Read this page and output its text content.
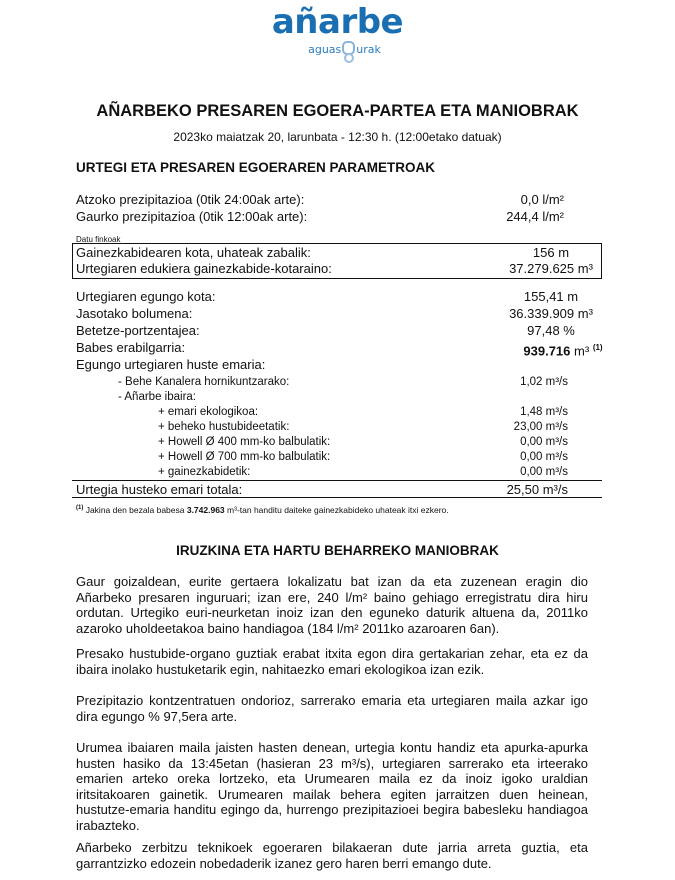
añarbe
aguas urak
AÑARBEKO PRESAREN EGOERA-PARTEA ETA MANIOBRAK
2023ko maiatzak 20, larunbata - 12:30 h. (12:00etako datuak)
URTEGI ETA PRESAREN EGOERAREN PARAMETROAK
Atzoko prezipitazioa (0tik 24:00ak arte):	0,0 l/m²
Gaurko prezipitazioa (0tik 12:00ak arte):	244,4 l/m²
Datu finkoak
Gainezkabidearen kota, uhateak zabalik:	156 m
Urtegiaren edukiera gainezkabide-kotaraino:	37.279.625 m³
Urtegiaren egungo kota:	155,41 m
Jasotako bolumena:	36.339.909 m³
Betetze-portzentajea:	97,48 %
Babes erabilgarria:	939.716 m³ $^{(1)}$
Egungo urtegiaren huste emaria:
- Behe Kanalera hornikuntzarako:	1,02 m³/s
- Añarbe ibaira:
+ emari ekologikoa:	1,48 m³/s
+ beheko hustubideetatik:	23,00 m³/s
+ Howell Ø 400 mm-ko balbulatik:	0,00 m³/s
+ Howell Ø 700 mm-ko balbulatik:	0,00 m³/s
+ gainezkabidetik:	0,00 m³/s
Urtegia husteko emari totala:	25,50 m³/s
$^{(1)}$ Jakina den bezala babesa 3.742.963 m³-tan handitu daiteke gainezkabideko uhateak itxi ezkero.
IRUZKINA ETA HARTU BEHARREKO MANIOBRAK

Gaur goizaldean, eurite gertaera lokalizatu bat izan da eta zuzenean eragin dio Añarbeko presaren inguruari; izan ere, 240 l/m² baino gehiago erregistratu dira hiru ordutan. Urtegiko euri-neurketan inoiz izan den eguneko daturik altuena da, 2011ko azaroko uholdeetakoa baino handiagoa (184 l/m² 2011ko azaroaren 6an).

Presako hustubide-organo guztiak erabat itxita egon dira gertakarian zehar, eta ez da ibaira inolako hustuketarik egin, nahitaezko emari ekologikoa izan ezik.

Prezipitazio kontzentratuen ondorioz, sarrerako emaria eta urtegiaren maila azkar igo dira egungo % 97,5era arte.

Urumea ibaiaren maila jaisten hasten denean, urtegia kontu handiz eta apurka-apurka husten hasiko da 13:45etan (hasieran 23 m³/s), urtegiaren sarrerako eta irteerako emarien arteko oreka lortzeko, eta Urumearen maila ez da inoiz igoko uraldian iritsitakoaren gainetik. Urumearen mailak behera egiten jarraitzen duen heinean, hustutze-emaria handitu egingo da, hurrengo prezipitazioei begira babesleku handiagoa irabazteko.

Añarbeko zerbitzu teknikoek egoeraren bilakaeran dute jarria arreta guztia, eta garrantzizko edozein nobedaderik izanez gero haren berri emango dute.
